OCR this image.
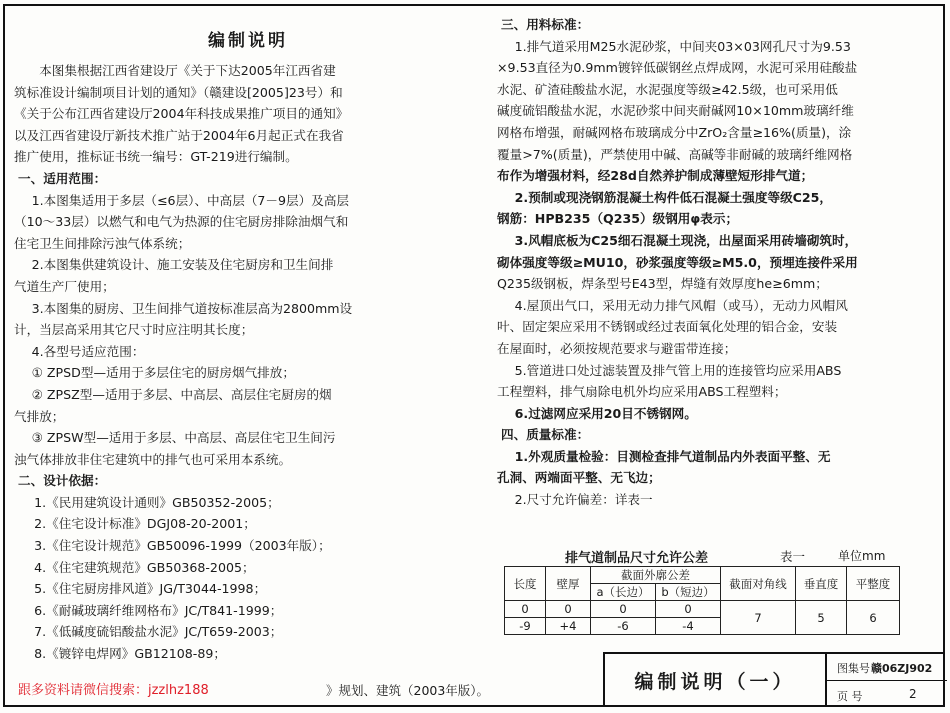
编制说明

本图集根据江西省建设厅《关于下达2005年江西省建

筑标准设计编制项目计划的通知》（赣建设[2005]23号）和

《关于公布江西省建设厅2004年科技成果推广项目的通知》

以及江西省建设厅新技术推广站于2004年6月起正式在我省

推广使用，推标证书统一编号：GT-219进行编制。

一、适用范围：

1.本图集适用于多层（≤6层）、中高层（7－9层）及高层

（10～33层）以燃气和电气为热源的住宅厨房排除油烟气和

住宅卫生间排除污浊气体系统；

2.本图集供建筑设计、施工安装及住宅厨房和卫生间排

气道生产厂使用；

3.本图集的厨房、卫生间排气道按标准层高为2800mm设

计，当层高采用其它尺寸时应注明其长度；

4.各型号适应范围：

① ZPSD型—适用于多层住宅的厨房烟气排放；

② ZPSZ型—适用于多层、中高层、高层住宅厨房的烟

气排放；

③ ZPSW型—适用于多层、中高层、高层住宅卫生间污

浊气体排放非住宅建筑中的排气也可采用本系统。

二、设计依据：

1.《民用建筑设计通则》GB50352-2005；

2.《住宅设计标准》DGJ08-20-2001；

3.《住宅设计规范》GB50096-1999（2003年版）；

4.《住宅建筑规范》GB50368-2005；

5.《住宅厨房排风道》JG/T3044-1998；

6.《耐碱玻璃纤维网格布》JC/T841-1999；

7.《低碱度硫铝酸盐水泥》JC/T659-2003；

8.《镀锌电焊网》GB12108-89；

三、用料标准：

1.排气道采用M25水泥砂浆，中间夹03×03网孔尺寸为9.53

×9.53直径为0.9mm镀锌低碳钢丝点焊成网，水泥可采用硅酸盐

水泥、矿渣硅酸盐水泥，水泥强度等级≥42.5级，也可采用低

碱度硫铝酸盐水泥，水泥砂浆中间夹耐碱网10×10mm玻璃纤维

网格布增强，耐碱网格布玻璃成分中ZrO₂含量≥16%(质量)，涂

覆量>7%(质量)，严禁使用中碱、高碱等非耐碱的玻璃纤维网格

布作为增强材料，经28d自然养护制成薄壁短形排气道；

2.预制或现浇钢筋混凝土构件低石混凝土强度等级C25，

钢筋：HPB235（Q235）级钢用φ表示；

3.风帽底板为C25细石混凝土现浇，出屋面采用砖墙砌筑时，

砌体强度等级≥MU10，砂浆强度等级≥M5.0，预埋连接件采用

Q235级钢板，焊条型号E43型，焊缝有效厚度he≥6mm；

4.屋顶出气口，采用无动力排气风帽（或马），无动力风帽风

叶、固定架应采用不锈钢或经过表面氧化处理的铝合金，安装

在屋面时，必须按规范要求与避雷带连接；

5.管道进口处过滤装置及排气管上用的连接管均应采用ABS

工程塑料，排气扇除电机外均应采用ABS工程塑料；

6.过滤网应采用20目不锈钢网。

四、质量标准：

1.外观质量检验：目测检查排气道制品内外表面平整、无

孔洞、两端面平整、无飞边；

2.尺寸允许偏差：详表一

排气道制品尺寸允许公差	表一	单位mm
长度	壁厚	截面外廓公差		截面对角线	垂直度	平整度
		a（长边）	b（短边）			
0	0	0	0	7	5	6
-9	+4	-6	-4			
编制说明（一）
图集号 赣06ZJ902
页 号	2
》规划、建筑（2003年版）。
跟多资料请微信搜索：jzzlhz188
